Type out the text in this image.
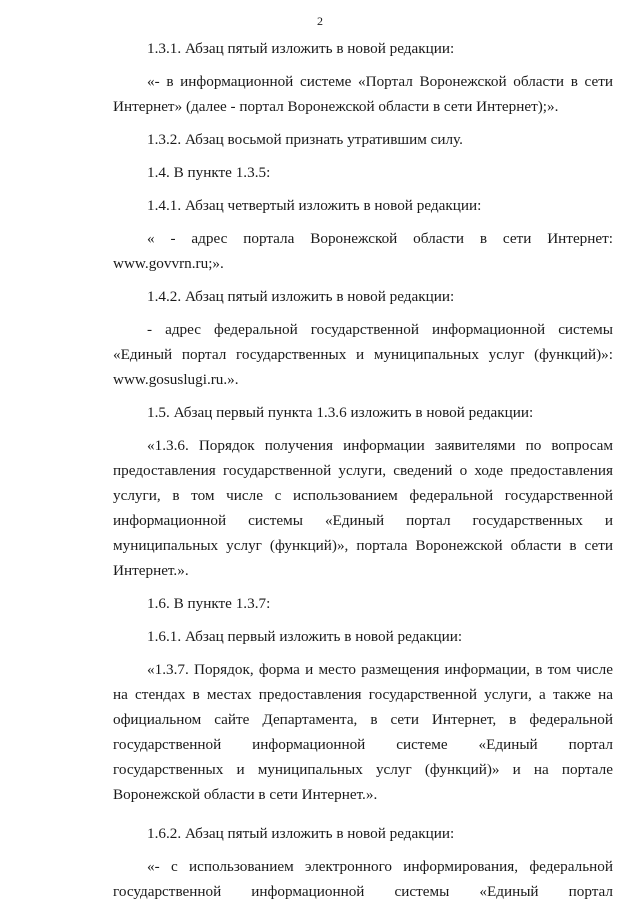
2

1.3.1. Абзац пятый изложить в новой редакции:

«- в информационной системе «Портал Воронежской области в сети Интернет» (далее - портал Воронежской области в сети Интернет);».

1.3.2. Абзац восьмой признать утратившим силу.

1.4. В пункте 1.3.5:

1.4.1. Абзац четвертый изложить в новой редакции:

« - адрес портала Воронежской области в сети Интернет: www.govvrn.ru;».

1.4.2. Абзац пятый изложить в новой редакции:

- адрес федеральной государственной информационной системы «Единый портал государственных и муниципальных услуг (функций)»: www.gosuslugi.ru.».

1.5. Абзац первый пункта 1.3.6 изложить в новой редакции:

«1.3.6. Порядок получения информации заявителями по вопросам предоставления государственной услуги, сведений о ходе предоставления услуги, в том числе с использованием федеральной государственной информационной системы «Единый портал государственных и муниципальных услуг (функций)», портала Воронежской области в сети Интернет.».

1.6. В пункте 1.3.7:

1.6.1. Абзац первый изложить в новой редакции:

«1.3.7. Порядок, форма и место размещения информации, в том числе на стендах в местах предоставления государственной услуги, а также на официальном сайте Департамента, в сети Интернет, в федеральной государственной информационной системе «Единый портал государственных и муниципальных услуг (функций)» и на портале Воронежской области в сети Интернет.».

1.6.2. Абзац пятый изложить в новой редакции:

«- с использованием электронного информирования, федеральной государственной информационной системы «Единый портал
